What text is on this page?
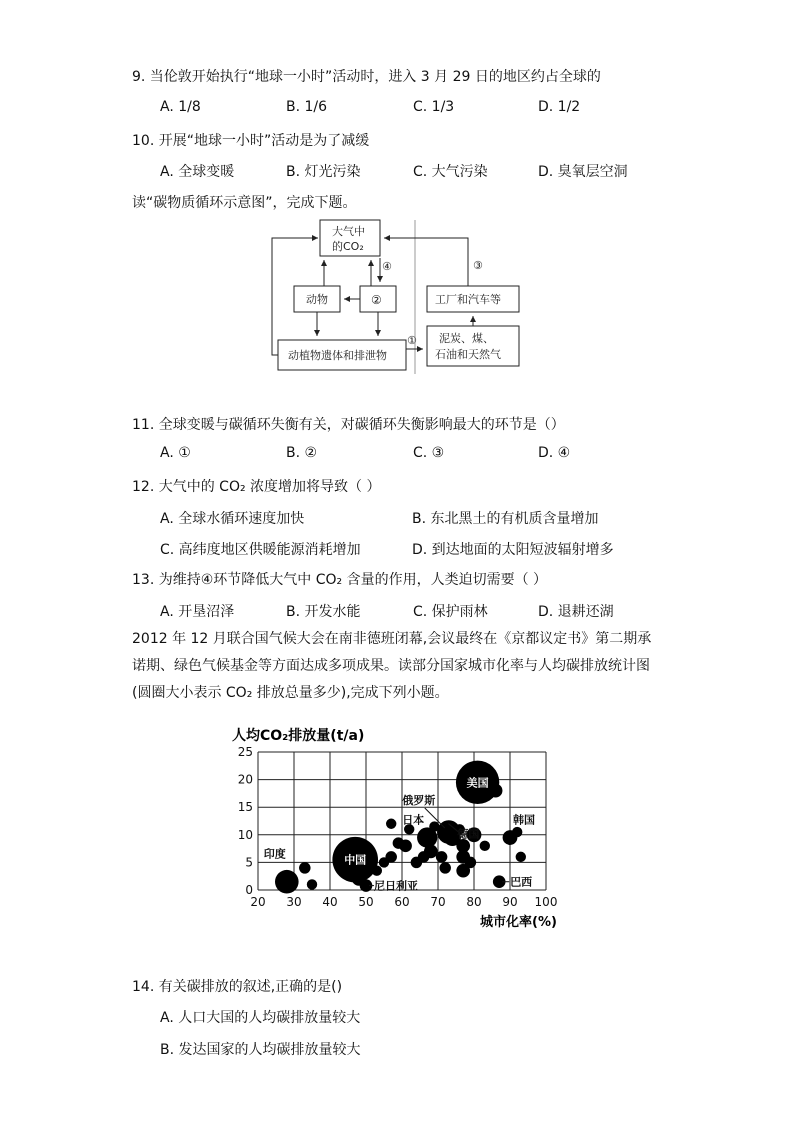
9. 当伦敦开始执行“地球一小时”活动时，进入 3 月 29 日的地区约占全球的
A. 1/8	B. 1/6	C. 1/3	D. 1/2
10. 开展“地球一小时”活动是为了减缓
A. 全球变暖	B. 灯光污染	C. 大气污染	D. 臭氧层空洞
读“碳物质循环示意图”，完成下题。
大气中
的CO₂
动物	②
动植物遗体和排泄物
工厂和汽车等
泥炭、煤、
石油和天然气
①
③
④
11. 全球变暖与碳循环失衡有关，对碳循环失衡影响最大的环节是（）
A. ①	B. ②	C. ③	D. ④
12. 大气中的 CO₂ 浓度增加将导致（ ）
A. 全球水循环速度加快	B. 东北黑土的有机质含量增加
C. 高纬度地区供暖能源消耗增加	D. 到达地面的太阳短波辐射增多
13. 为维持④环节降低大气中 CO₂ 含量的作用，人类迫切需要（ ）
A. 开垦沼泽	B. 开发水能	C. 保护雨林	D. 退耕还湖
2012 年 12 月联合国气候大会在南非德班闭幕,会议最终在《京都议定书》第二期承诺期、绿色气候基金等方面达成多项成果。读部分国家城市化率与人均碳排放统计图(圆圈大小表示 CO₂ 排放总量多少),完成下列小题。
人均CO₂排放量(t/a)
城市化率(%)
20 30 40 50 60 70 80 90 100
0
5
10
15
20
25
美国
中国
印度
俄罗斯
日本
德国
韩国
巴西
尼日利亚
14. 有关碳排放的叙述,正确的是()
A. 人口大国的人均碳排放量较大
B. 发达国家的人均碳排放量较大
